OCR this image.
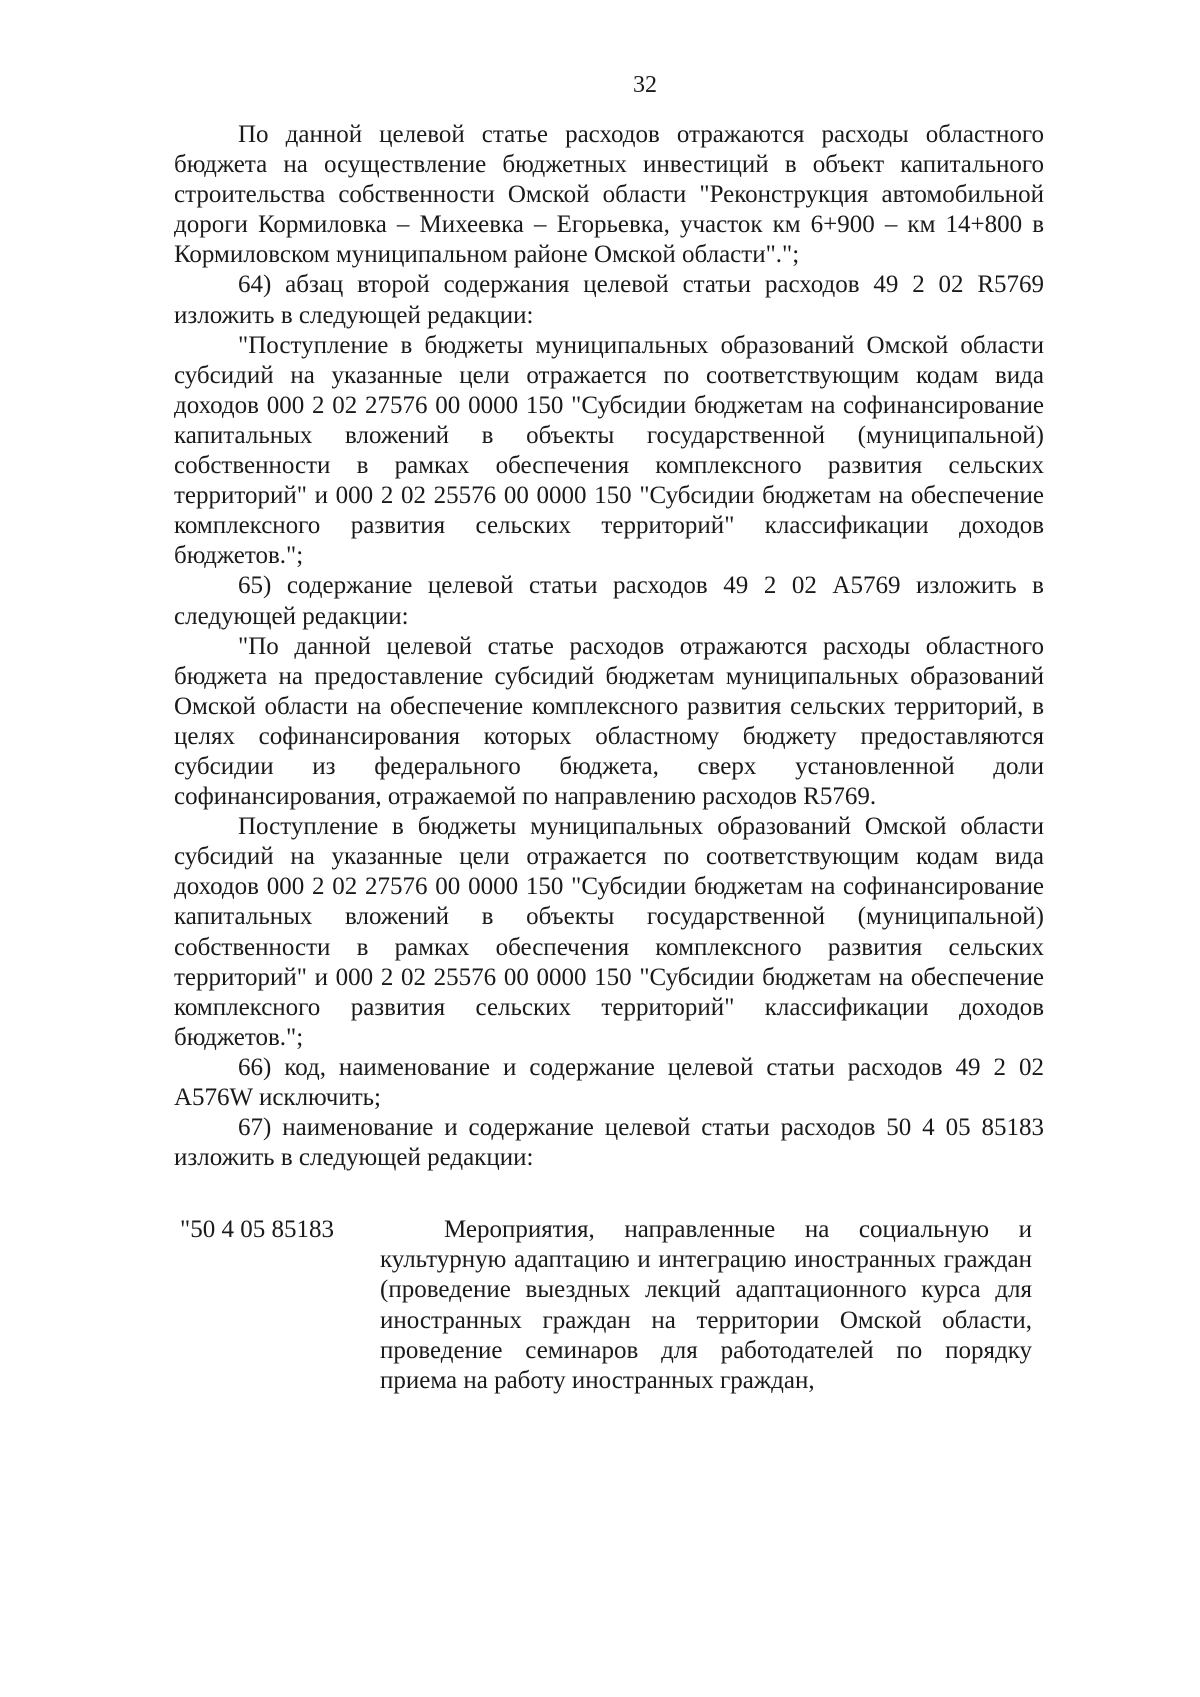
32

По данной целевой статье расходов отражаются расходы областного бюджета на осуществление бюджетных инвестиций в объект капитального строительства собственности Омской области "Реконструкция автомобильной дороги Кормиловка – Михеевка – Егорьевка, участок км 6+900 – км 14+800 в Кормиловском муниципальном районе Омской области".";

64) абзац второй содержания целевой статьи расходов 49 2 02 R5769 изложить в следующей редакции:

"Поступление в бюджеты муниципальных образований Омской области субсидий на указанные цели отражается по соответствующим кодам вида доходов 000 2 02 27576 00 0000 150 "Субсидии бюджетам на софинансирование капитальных вложений в объекты государственной (муниципальной) собственности в рамках обеспечения комплексного развития сельских территорий" и 000 2 02 25576 00 0000 150 "Субсидии бюджетам на обеспечение комплексного развития сельских территорий" классификации доходов бюджетов.";

65) содержание целевой статьи расходов 49 2 02 A5769 изложить в следующей редакции:

"По данной целевой статье расходов отражаются расходы областного бюджета на предоставление субсидий бюджетам муниципальных образований Омской области на обеспечение комплексного развития сельских территорий, в целях софинансирования которых областному бюджету предоставляются субсидии из федерального бюджета, сверх установленной доли софинансирования, отражаемой по направлению расходов R5769.

Поступление в бюджеты муниципальных образований Омской области субсидий на указанные цели отражается по соответствующим кодам вида доходов 000 2 02 27576 00 0000 150 "Субсидии бюджетам на софинансирование капитальных вложений в объекты государственной (муниципальной) собственности в рамках обеспечения комплексного развития сельских территорий" и 000 2 02 25576 00 0000 150 "Субсидии бюджетам на обеспечение комплексного развития сельских территорий" классификации доходов бюджетов.";

66) код, наименование и содержание целевой статьи расходов 49 2 02 A576W исключить;

67) наименование и содержание целевой статьи расходов 50 4 05 85183 изложить в следующей редакции:

"50 4 05 85183	Мероприятия, направленные на социальную и культурную адаптацию и интеграцию иностранных граждан (проведение выездных лекций адаптационного курса для иностранных граждан на территории Омской области, проведение семинаров для работодателей по порядку приема на работу иностранных граждан,
